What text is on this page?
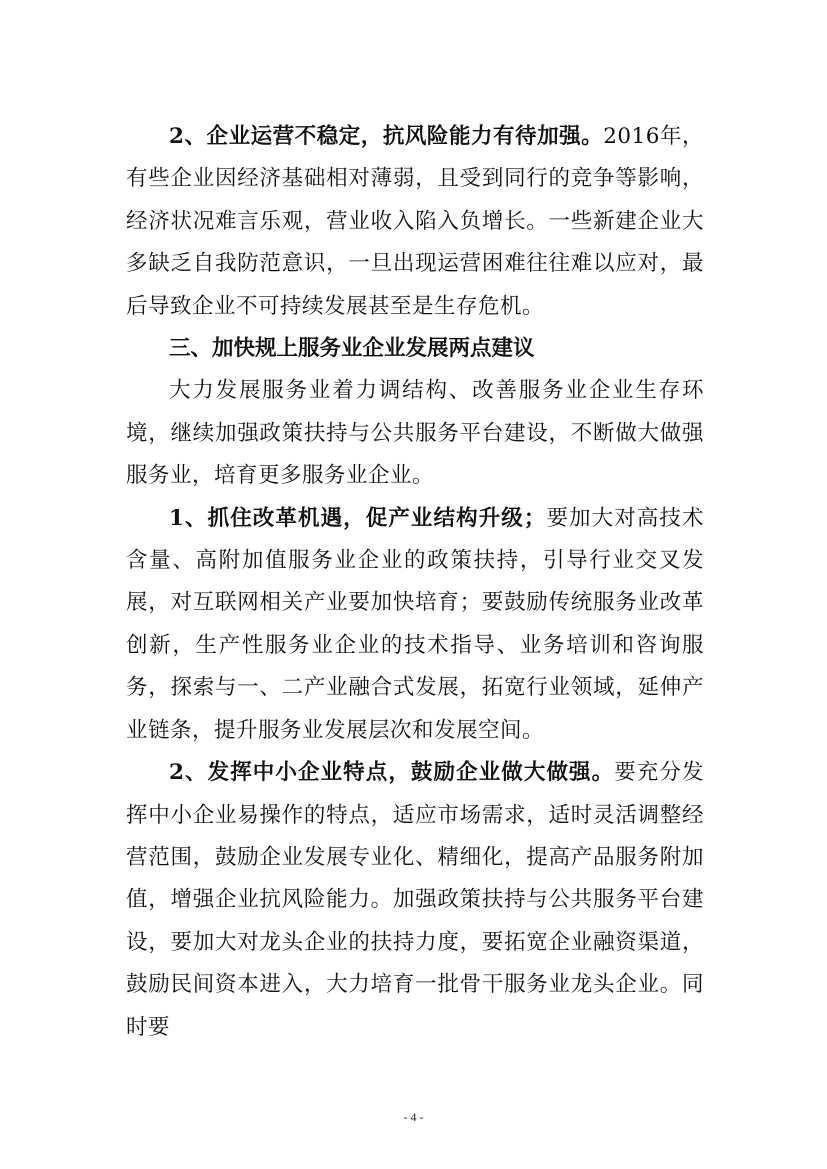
2、企业运营不稳定，抗风险能力有待加强。2016年，有些企业因经济基础相对薄弱，且受到同行的竞争等影响，经济状况难言乐观，营业收入陷入负增长。一些新建企业大多缺乏自我防范意识，一旦出现运营困难往往难以应对，最后导致企业不可持续发展甚至是生存危机。

三、加快规上服务业企业发展两点建议

大力发展服务业着力调结构、改善服务业企业生存环境，继续加强政策扶持与公共服务平台建设，不断做大做强服务业，培育更多服务业企业。

1、抓住改革机遇，促产业结构升级；要加大对高技术含量、高附加值服务业企业的政策扶持，引导行业交叉发展，对互联网相关产业要加快培育；要鼓励传统服务业改革创新，生产性服务业企业的技术指导、业务培训和咨询服务，探索与一、二产业融合式发展，拓宽行业领域，延伸产业链条，提升服务业发展层次和发展空间。

2、发挥中小企业特点，鼓励企业做大做强。要充分发挥中小企业易操作的特点，适应市场需求，适时灵活调整经营范围，鼓励企业发展专业化、精细化，提高产品服务附加值，增强企业抗风险能力。加强政策扶持与公共服务平台建设，要加大对龙头企业的扶持力度，要拓宽企业融资渠道，鼓励民间资本进入，大力培育一批骨干服务业龙头企业。同时要

- 4 -
